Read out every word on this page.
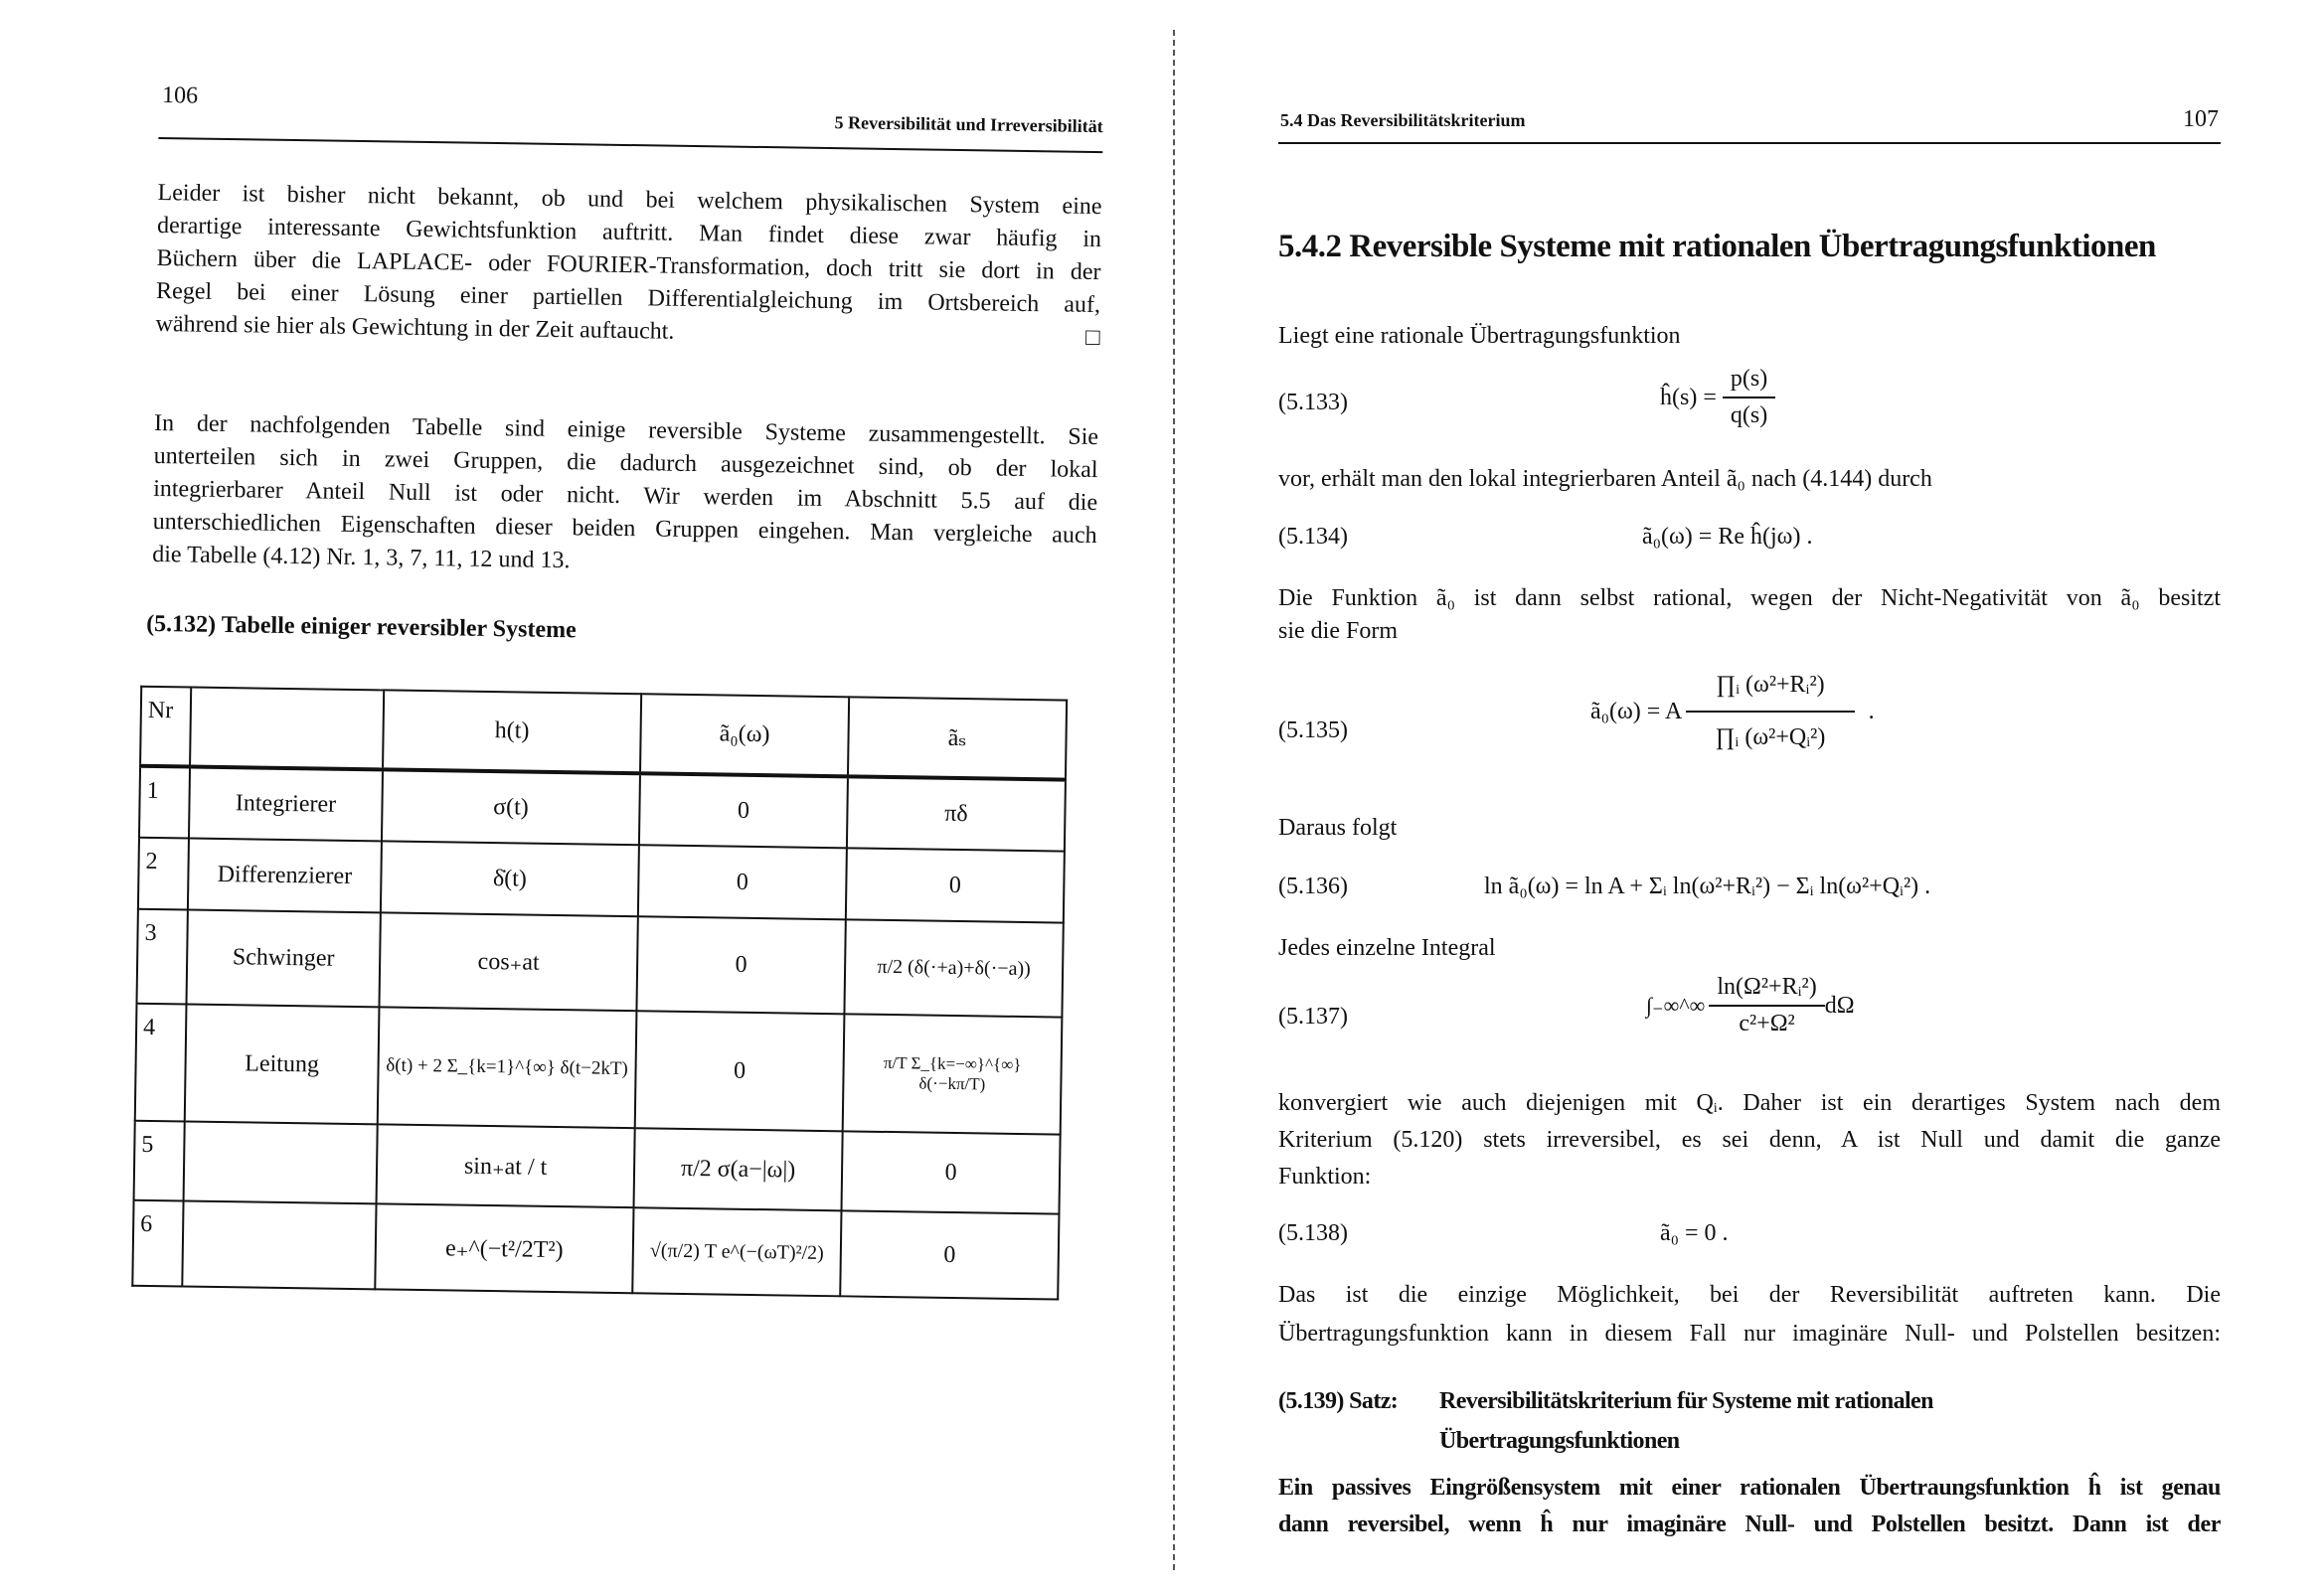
106
5 Reversibilität und Irreversibilität
Leider ist bisher nicht bekannt, ob und bei welchem physikalischen System eine
derartige interessante Gewichtsfunktion auftritt. Man findet diese zwar häufig in
Büchern über die LAPLACE- oder FOURIER-Transformation, doch tritt sie dort in der
Regel bei einer Lösung einer partiellen Differentialgleichung im Ortsbereich auf,
während sie hier als Gewichtung in der Zeit auftaucht.	□
In der nachfolgenden Tabelle sind einige reversible Systeme zusammengestellt. Sie
unterteilen sich in zwei Gruppen, die dadurch ausgezeichnet sind, ob der lokal
integrierbarer Anteil Null ist oder nicht. Wir werden im Abschnitt 5.5 auf die
unterschiedlichen Eigenschaften dieser beiden Gruppen eingehen. Man vergleiche auch
die Tabelle (4.12) Nr. 1, 3, 7, 11, 12 und 13.
(5.132) Tabelle einiger reversibler Systeme
Nr		h(t)	ã₀(ω)	ãₛ
1	Integrierer	σ(t)	0	πδ
2	Differenzierer	δ̇(t)	0	0
3	Schwinger	cos₊at	0	π/2 (δ(·+a)+δ(·−a))
4	Leitung	δ(t) + 2 Σ_{k=1}^{∞} δ(t−2kT)	0	π/T Σ_{k=−∞}^{∞} δ(·−kπ/T)
5		sin₊at / t	π/2 σ(a−|ω|)	0
6		e₊^(−t²/2T²)	√(π/2) T e^(−(ωT)²/2)	0
5.4 Das Reversibilitätskriterium	107
5.4.2 Reversible Systeme mit rationalen Übertragungsfunktionen
Liegt eine rationale Übertragungsfunktion
(5.133)	ĥ(s) =
$\frac{p(s)}{q(s)}$
vor, erhält man den lokal integrierbaren Anteil ã₀ nach (4.144) durch
(5.134)	ã₀(ω) = Re ĥ(jω) .
Die Funktion ã₀ ist dann selbst rational, wegen der Nicht-Negativität von ã₀ besitzt
sie die Form
(5.135)
ã₀(ω) = A $\frac{\text{∏ᵢ (ω²+Rᵢ²)}}{\text{∏ᵢ (ω²+Qᵢ²)}}$ .
Daraus folgt
(5.136)	ln ã₀(ω) = ln A + Σᵢ ln(ω²+Rᵢ²) − Σᵢ ln(ω²+Qᵢ²) .
Jedes einzelne Integral
(5.137)	∫₋∞^∞ $\frac{\text{ln(Ω²+Rᵢ²)}}{\text{c²+Ω²}}$ dΩ
konvergiert wie auch diejenigen mit Qᵢ. Daher ist ein derartiges System nach dem
Kriterium (5.120) stets irreversibel, es sei denn, A ist Null und damit die ganze
Funktion:
(5.138)	ã₀ = 0 .
Das ist die einzige Möglichkeit, bei der Reversibilität auftreten kann. Die
Übertragungsfunktion kann in diesem Fall nur imaginäre Null- und Polstellen besitzen:
(5.139) Satz: Reversibilitätskriterium für Systeme mit rationalen
Übertragungsfunktionen
Ein passives Eingrößensystem mit einer rationalen Übertraungsfunktion ĥ ist genau
dann reversibel, wenn ĥ nur imaginäre Null- und Polstellen besitzt. Dann ist der
